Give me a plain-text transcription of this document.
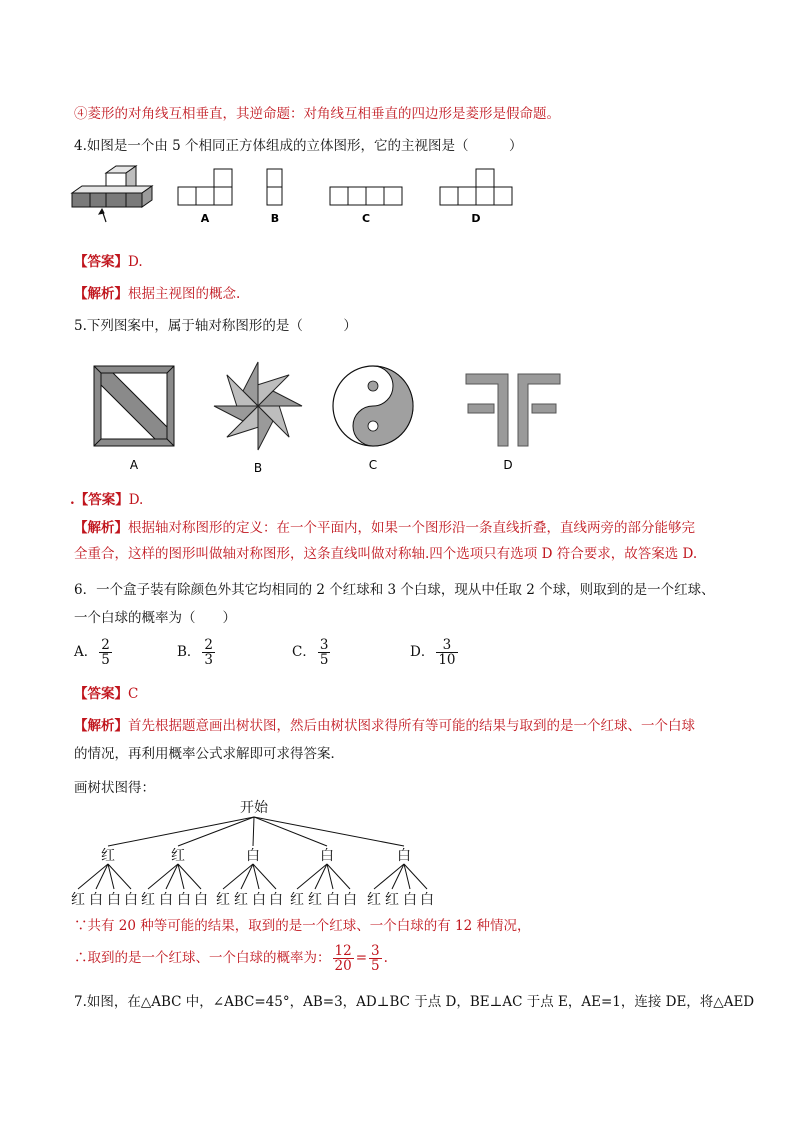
④菱形的对角线互相垂直，其逆命题：对角线互相垂直的四边形是菱形是假命题。
4.如图是一个由 5 个相同正方体组成的立体图形，它的主视图是（　　　）
A	B	C	D
【答案】D.
【解析】根据主视图的概念.
5.下列图案中，属于轴对称图形的是（　　　）
A	B	C	D
.【答案】D.
【解析】根据轴对称图形的定义：在一个平面内，如果一个图形沿一条直线折叠，直线两旁的部分能够完
全重合，这样的图形叫做轴对称图形，这条直线叫做对称轴.四个选项只有选项 D 符合要求，故答案选 D.
6．一个盒子装有除颜色外其它均相同的 2 个红球和 3 个白球，现从中任取 2 个球，则取到的是一个红球、
一个白球的概率为（　　）
A． $\frac{2}{5}$	B． $\frac{2}{3}$	C． $\frac{3}{5}$	D． $\frac{3}{10}$
【答案】C
【解析】首先根据题意画出树状图，然后由树状图求得所有等可能的结果与取到的是一个红球、一个白球
的情况，再利用概率公式求解即可求得答案．
画树状图得：
开始
红
红 白 白 白
红
红 白 白 白
白
红 红 白 白
白
红 红 白 白
白
红 红 白 白
∵共有 20 种等可能的结果，取到的是一个红球、一个白球的有 12 种情况，
∴取到的是一个红球、一个白球的概率为： $\frac{12}{20} = \frac{3}{5}$ .
7.如图，在△ABC 中，∠ABC=45°，AB=3，AD⊥BC 于点 D，BE⊥AC 于点 E，AE=1，连接 DE，将△AED
